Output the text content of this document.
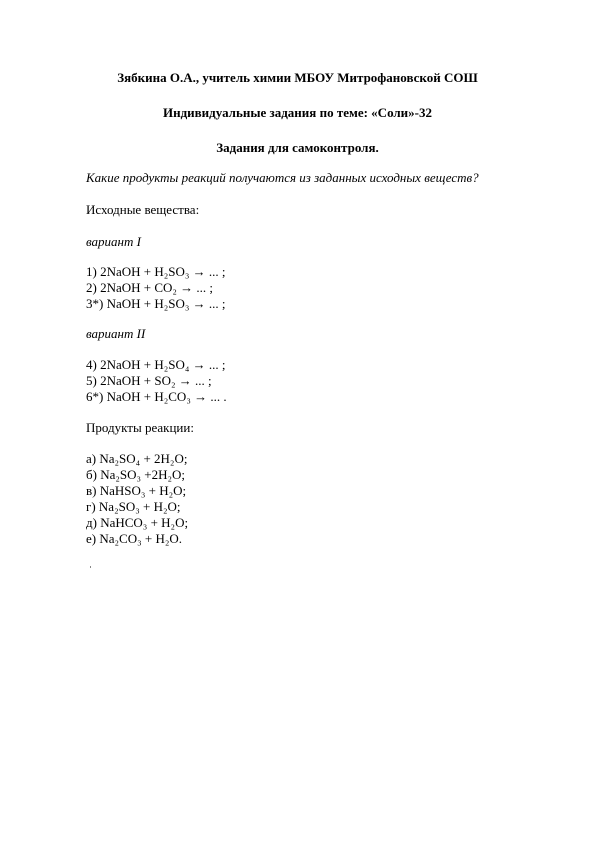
Зябкина О.А., учитель химии МБОУ Митрофановской СОШ
Индивидуальные задания по теме: «Соли»-32
Задания для самоконтроля.
Какие продукты реакций получаются из заданных исходных веществ?
Исходные вещества:
вариант I
1) 2NaOH + H₂SO₃ → ... ;
2) 2NaOH + CO₂ → ... ;
3*) NaOH + H₂SO₃ → ... ;
вариант II
4) 2NaOH + H₂SO₄ → ... ;
5) 2NaOH + SO₂ → ... ;
6*) NaOH + H₂CO₃ → ... .
Продукты реакции:
а) Na₂SO₄ + 2H₂O;
б) Na₂SO₃ +2H₂O;
в) NaHSO₃ + H₂O;
г) Na₂SO₃ + H₂O;
д) NaHCO₃ + H₂O;
е) Na₂CO₃ + H₂O.
